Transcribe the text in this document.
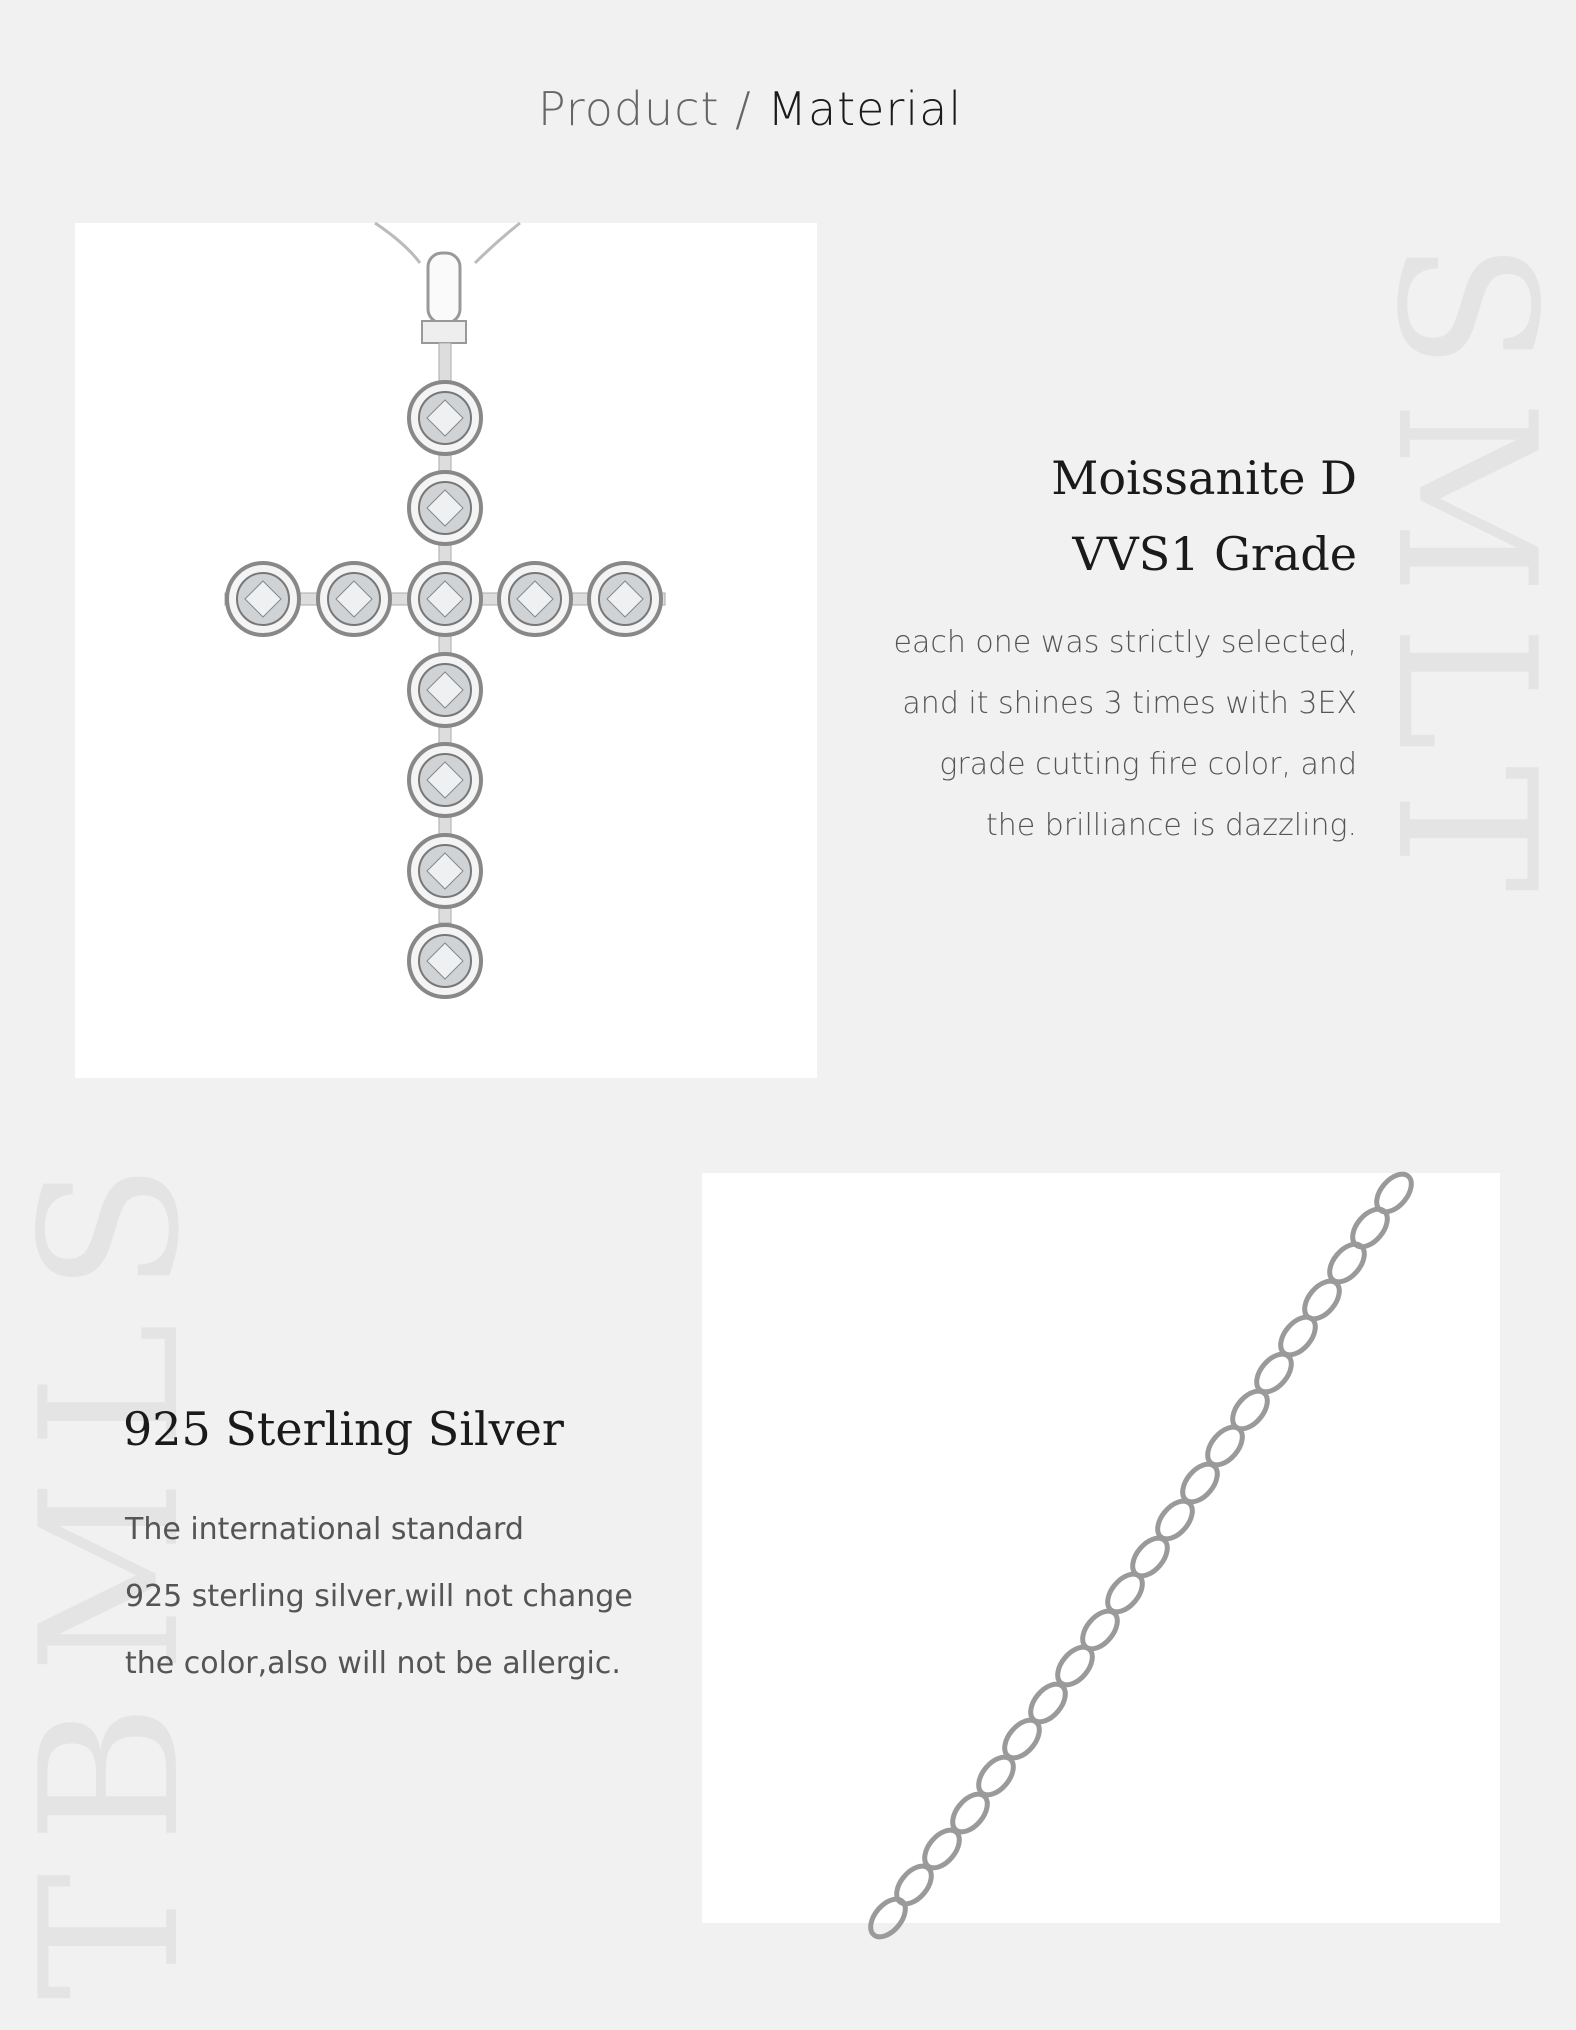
Product / Material
SMLT
TBMLS
Moissanite D
VVS1 Grade
each one was strictly selected,
and it shines 3 times with 3EX
grade cutting fire color, and
the brilliance is dazzling.
925 Sterling Silver
The international standard
925 sterling silver,will not change
the color,also will not be allergic.
